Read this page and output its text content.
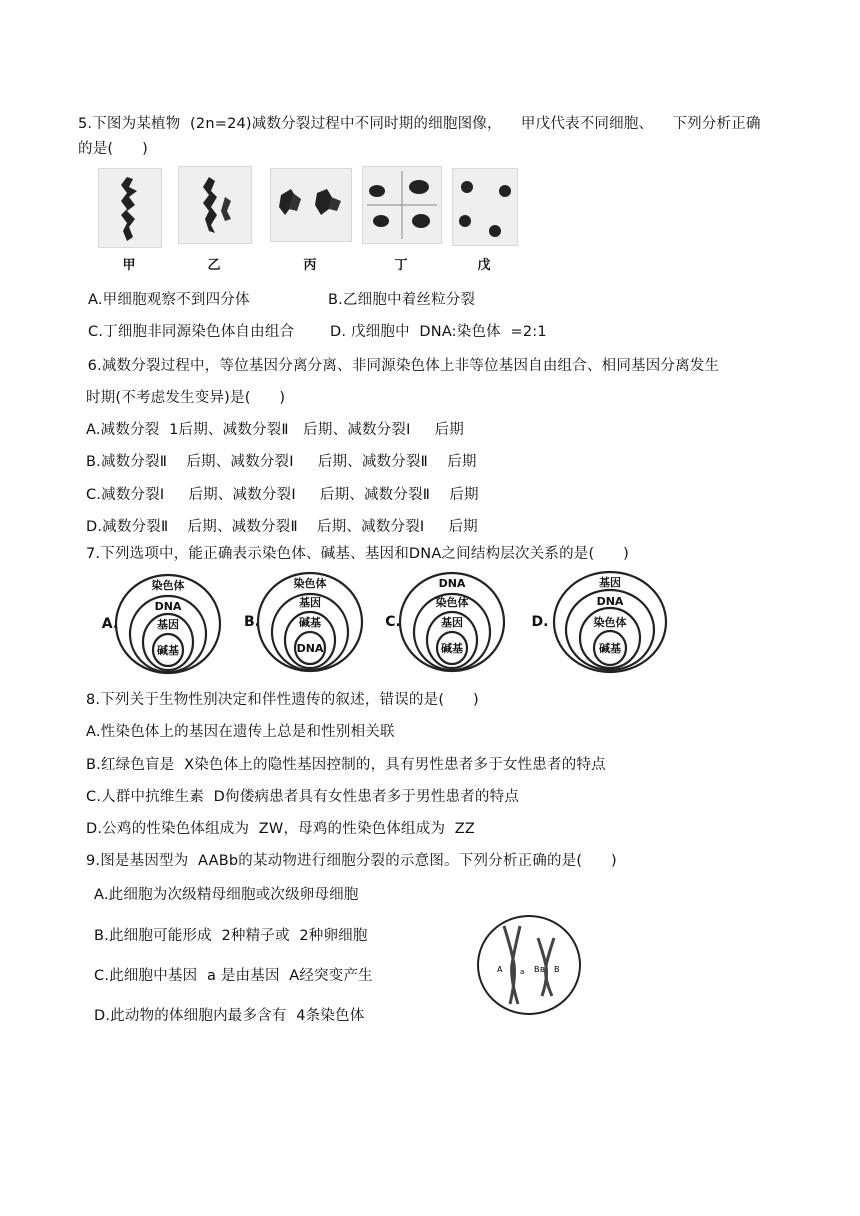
5.下图为某植物  (2n=24)减数分裂过程中不同时期的细胞图像，    甲戊代表不同细胞、    下列分析正确
的是(      )
甲	乙	丙	丁	戊
A.甲细胞观察不到四分体	B.乙细胞中着丝粒分裂
C.丁细胞非同源染色体自由组合 D. 戊细胞中  DNA:染色体  =2:1
6.减数分裂过程中，等位基因分离分离、非同源染色体上非等位基因自由组合、相同基因分离发生
时期(不考虑发生变异)是(      )
A.减数分裂  1后期、减数分裂Ⅱ   后期、减数分裂Ⅰ     后期
B.减数分裂Ⅱ    后期、减数分裂Ⅰ     后期、减数分裂Ⅱ    后期
C.减数分裂Ⅰ     后期、减数分裂Ⅰ     后期、减数分裂Ⅱ    后期
D.减数分裂Ⅱ    后期、减数分裂Ⅱ    后期、减数分裂Ⅰ     后期
7.下列选项中，能正确表示染色体、碱基、基因和DNA之间结构层次关系的是(      )
A.
染色体
DNA
基因
碱基
B.
染色体
基因
碱基
DNA
C.
DNA
染色体
基因
碱基
D.
基因
DNA
染色体
碱基
8.下列关于生物性别决定和伴性遗传的叙述，错误的是(      )
A.性染色体上的基因在遗传上总是和性别相关联
B.红绿色盲是  X染色体上的隐性基因控制的，具有男性患者多于女性患者的特点
C.人群中抗维生素  D佝偻病患者具有女性患者多于男性患者的特点
D.公鸡的性染色体组成为  ZW，母鸡的性染色体组成为  ZZ
9.图是基因型为  AABb的某动物进行细胞分裂的示意图。下列分析正确的是(      )
A.此细胞为次级精母细胞或次级卵母细胞
B.此细胞可能形成  2种精子或  2种卵细胞
C.此细胞中基因  a 是由基因  A经突变产生
D.此动物的体细胞内最多含有  4条染色体
A	a B B B
